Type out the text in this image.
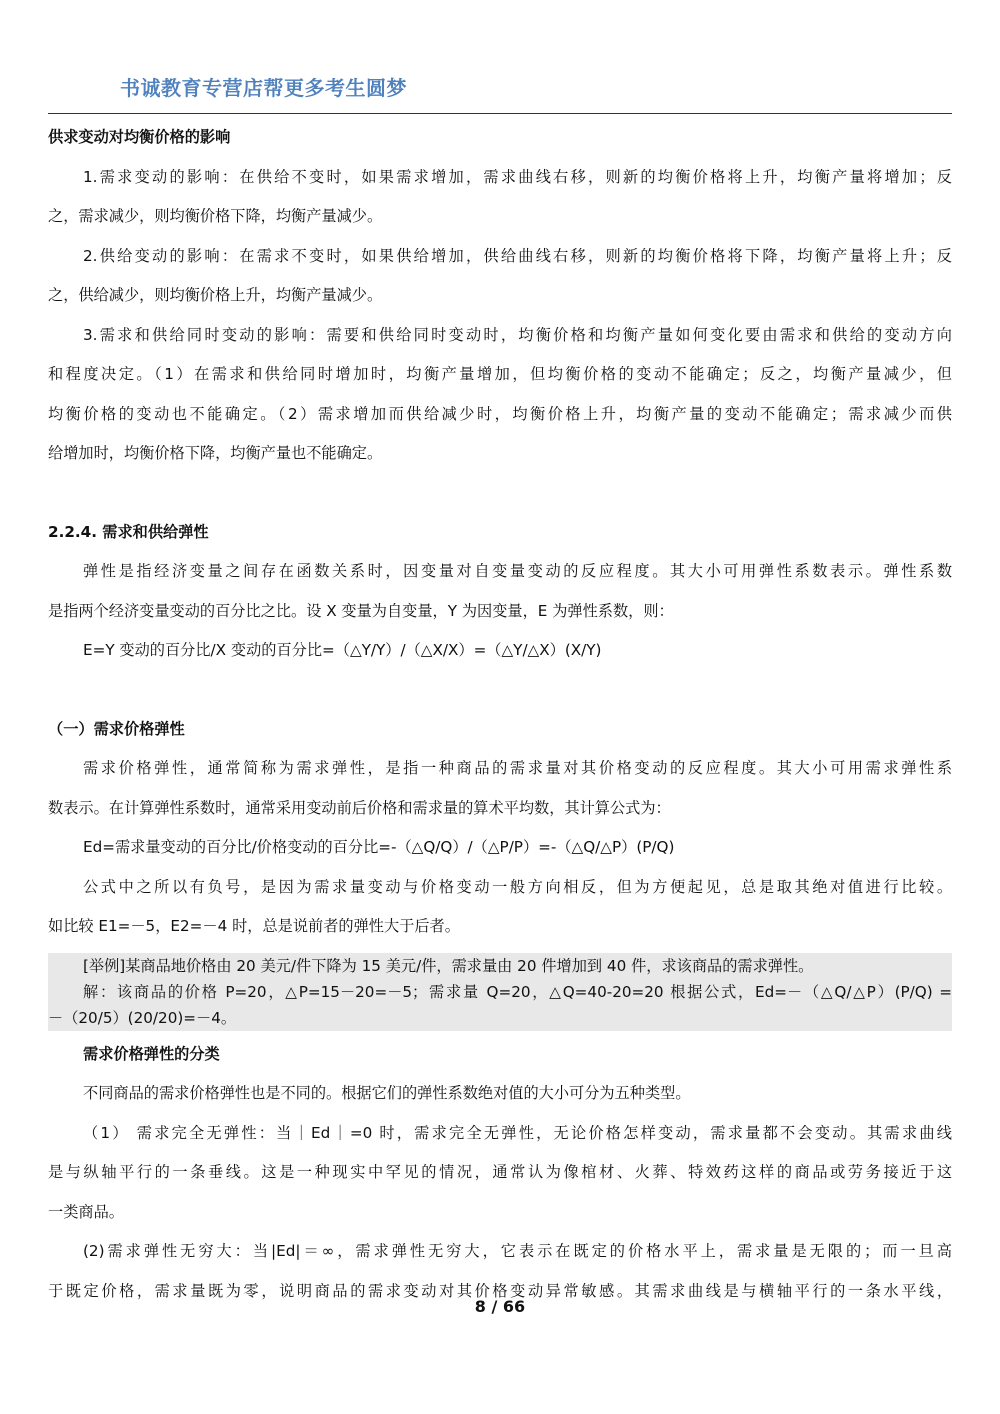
书诚教育专营店帮更多考生圆梦

供求变动对均衡价格的影响

1.需求变动的影响：在供给不变时，如果需求增加，需求曲线右移，则新的均衡价格将上升，均衡产量将增加；反

之，需求减少，则均衡价格下降，均衡产量减少。

2.供给变动的影响：在需求不变时，如果供给增加，供给曲线右移，则新的均衡价格将下降，均衡产量将上升；反

之，供给减少，则均衡价格上升，均衡产量减少。

3.需求和供给同时变动的影响：需要和供给同时变动时，均衡价格和均衡产量如何变化要由需求和供给的变动方向

和程度决定。（1）在需求和供给同时增加时，均衡产量增加，但均衡价格的变动不能确定；反之，均衡产量减少，但

均衡价格的变动也不能确定。（2）需求增加而供给减少时，均衡价格上升，均衡产量的变动不能确定；需求减少而供

给增加时，均衡价格下降，均衡产量也不能确定。

2.2.4. 需求和供给弹性

弹性是指经济变量之间存在函数关系时，因变量对自变量变动的反应程度。其大小可用弹性系数表示。弹性系数

是指两个经济变量变动的百分比之比。设 X 变量为自变量，Y 为因变量，E 为弹性系数，则：

E=Y 变动的百分比/X 变动的百分比=（△Y/Y）/（△X/X）=（△Y/△X）(X/Y)

（一）需求价格弹性

需求价格弹性，通常简称为需求弹性，是指一种商品的需求量对其价格变动的反应程度。其大小可用需求弹性系

数表示。在计算弹性系数时，通常采用变动前后价格和需求量的算术平均数，其计算公式为：

Ed=需求量变动的百分比/价格变动的百分比=-（△Q/Q）/（△P/P）=-（△Q/△P）(P/Q)

公式中之所以有负号，是因为需求量变动与价格变动一般方向相反，但为方便起见，总是取其绝对值进行比较。

如比较 E1=－5，E2=－4 时，总是说前者的弹性大于后者。

[举例]某商品地价格由 20 美元/件下降为 15 美元/件，需求量由 20 件增加到 40 件，求该商品的需求弹性。

解：该商品的价格 P=20，△P=15－20=－5；需求量 Q=20，△Q=40-20=20 根据公式，Ed=－（△Q/△P）(P/Q) =

－（20/5）(20/20)=－4。

需求价格弹性的分类

不同商品的需求价格弹性也是不同的。根据它们的弹性系数绝对值的大小可分为五种类型。

（1） 需求完全无弹性：当｜Ed｜=0 时，需求完全无弹性，无论价格怎样变动，需求量都不会变动。其需求曲线

是与纵轴平行的一条垂线。这是一种现实中罕见的情况，通常认为像棺材、火葬、特效药这样的商品或劳务接近于这

一类商品。

(2)需求弹性无穷大：当|Ed|＝∞，需求弹性无穷大，它表示在既定的价格水平上，需求量是无限的；而一旦高

于既定价格，需求量既为零，说明商品的需求变动对其价格变动异常敏感。其需求曲线是与横轴平行的一条水平线，

8 / 66
